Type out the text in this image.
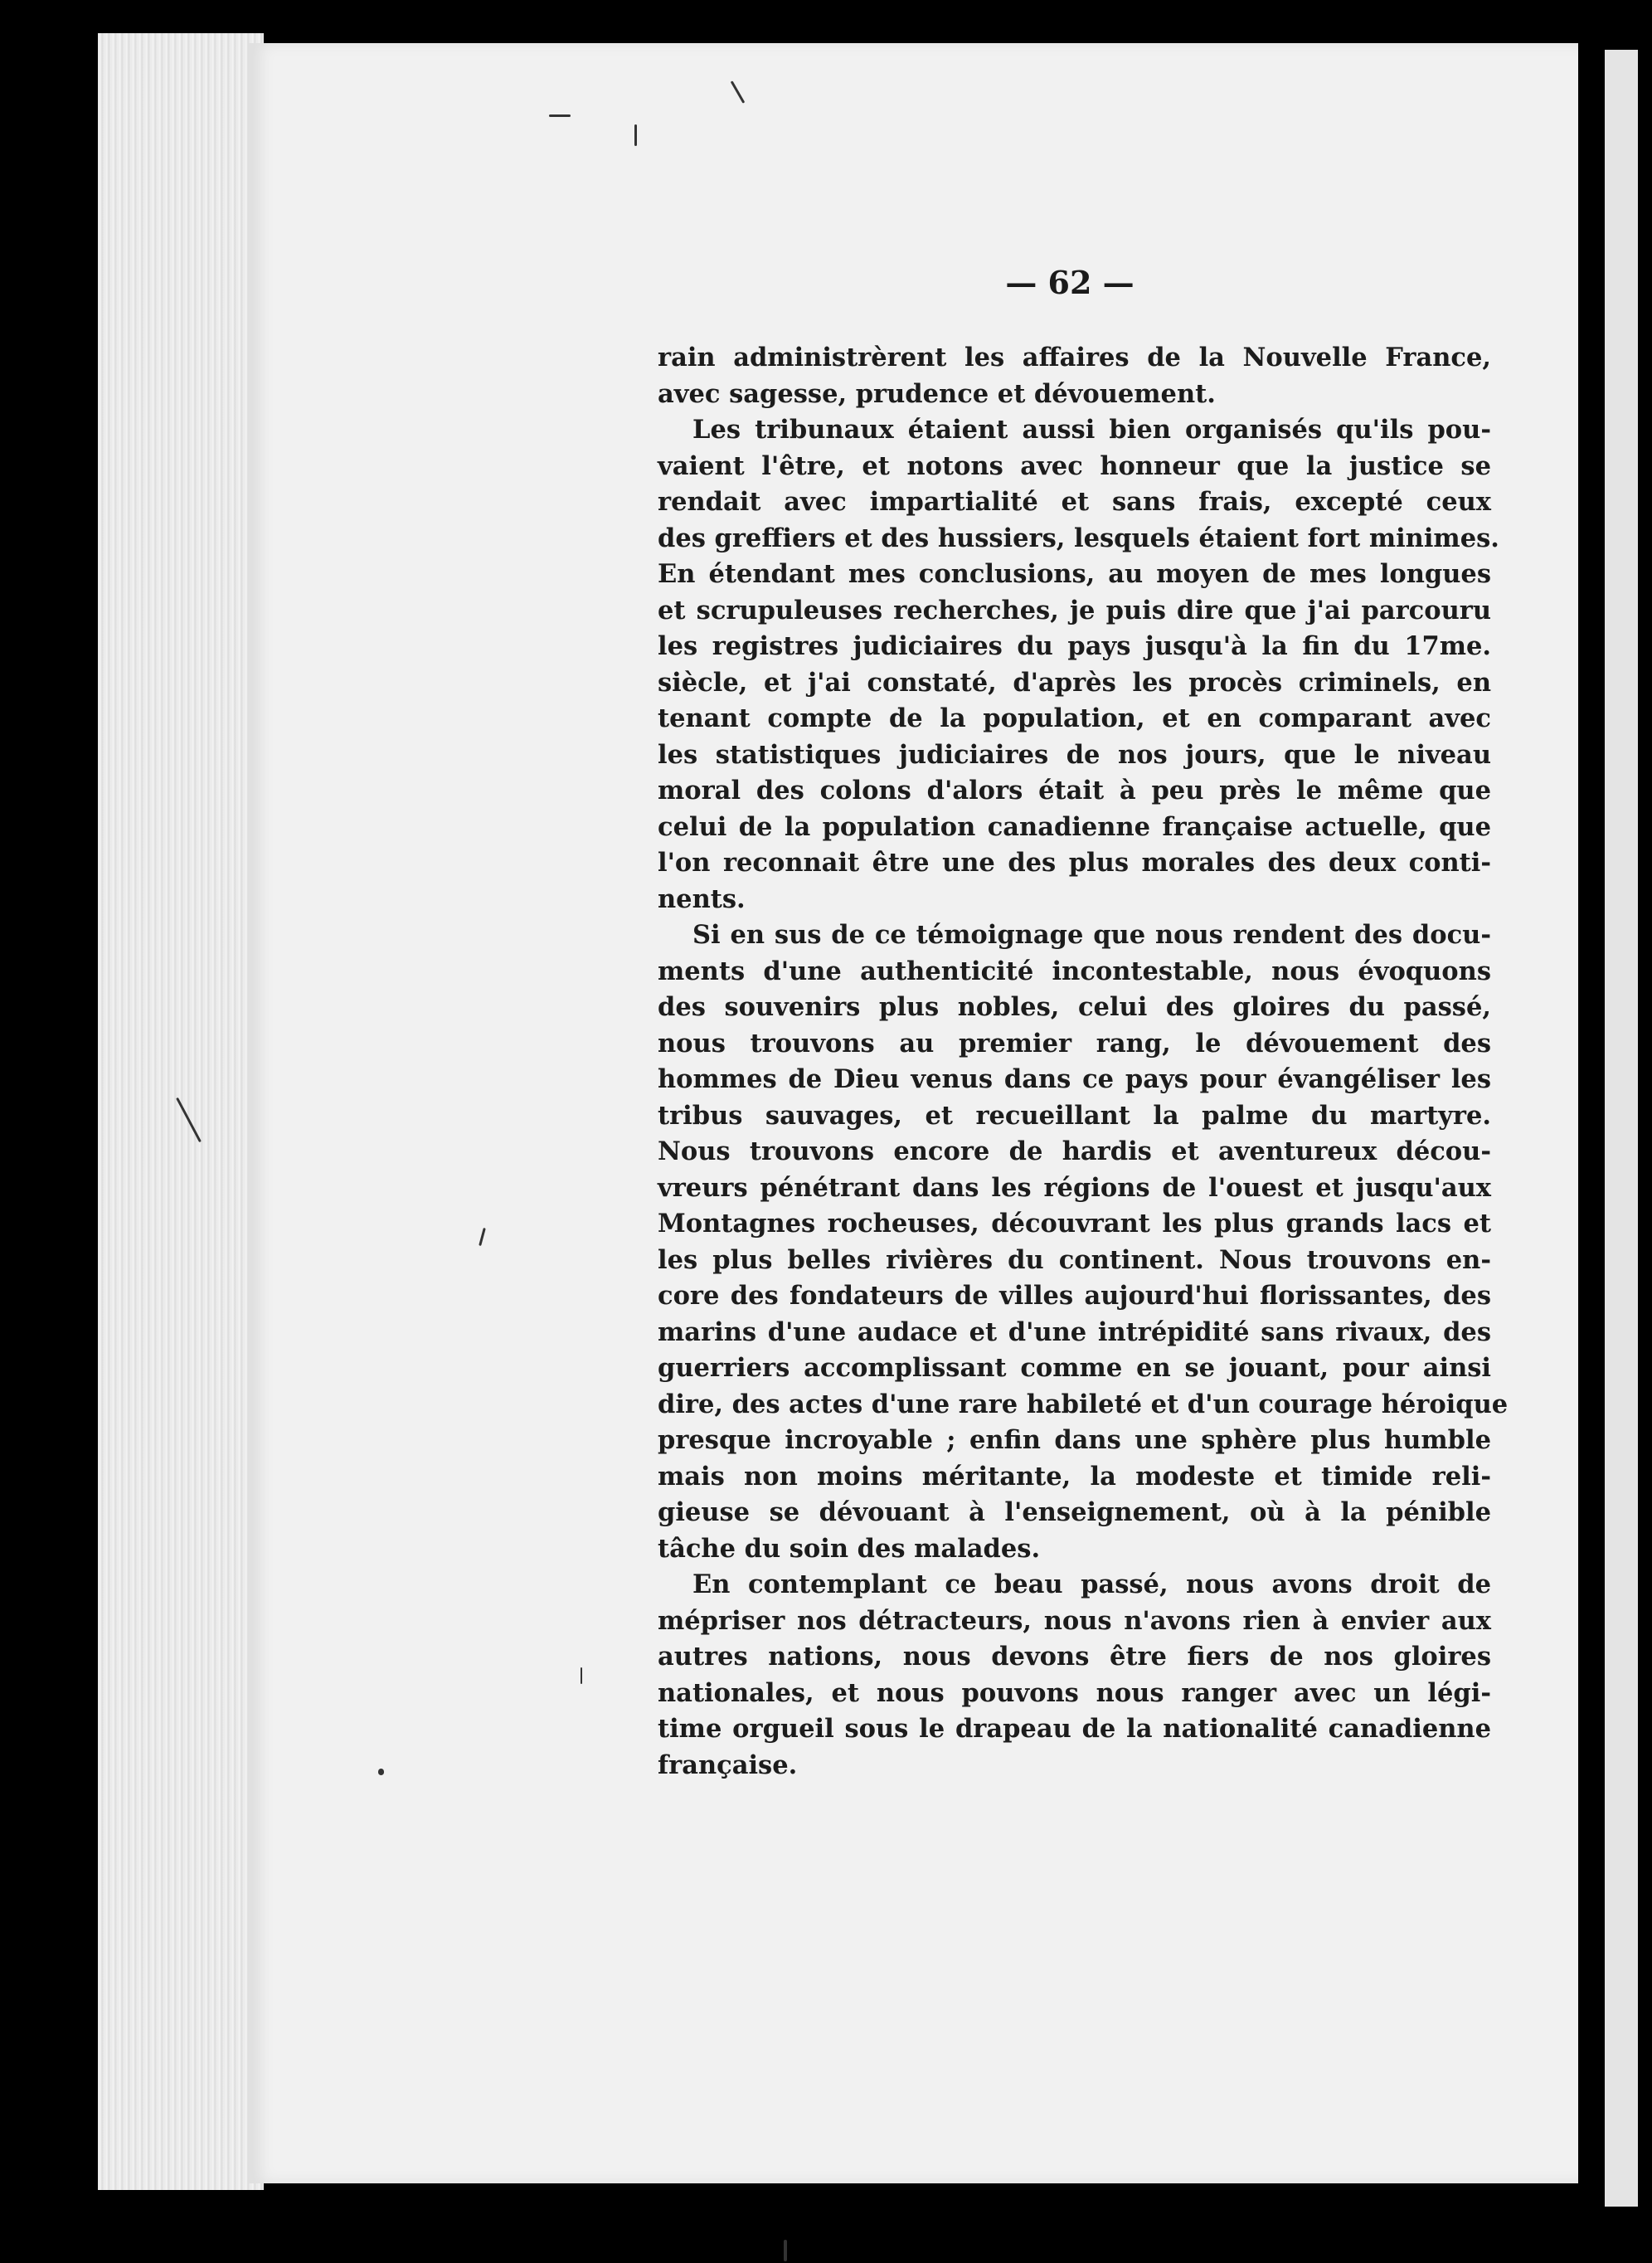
— 62 —
rain administrèrent les affaires de la Nouvelle France,
avec sagesse, prudence et dévouement.
Les tribunaux étaient aussi bien organisés qu'ils pou-
vaient l'être, et notons avec honneur que la justice se
rendait avec impartialité et sans frais, excepté ceux
des greffiers et des hussiers, lesquels étaient fort minimes.
En étendant mes conclusions, au moyen de mes longues
et scrupuleuses recherches, je puis dire que j'ai parcouru
les registres judiciaires du pays jusqu'à la fin du 17me.
siècle, et j'ai constaté, d'après les procès criminels, en
tenant compte de la population, et en comparant avec
les statistiques judiciaires de nos jours, que le niveau
moral des colons d'alors était à peu près le même que
celui de la population canadienne française actuelle, que
l'on reconnait être une des plus morales des deux conti-
nents.
Si en sus de ce témoignage que nous rendent des docu-
ments d'une authenticité incontestable, nous évoquons
des souvenirs plus nobles, celui des gloires du passé,
nous trouvons au premier rang, le dévouement des
hommes de Dieu venus dans ce pays pour évangéliser les
tribus sauvages, et recueillant la palme du martyre.
Nous trouvons encore de hardis et aventureux décou-
vreurs pénétrant dans les régions de l'ouest et jusqu'aux
Montagnes rocheuses, découvrant les plus grands lacs et
les plus belles rivières du continent. Nous trouvons en-
core des fondateurs de villes aujourd'hui florissantes, des
marins d'une audace et d'une intrépidité sans rivaux, des
guerriers accomplissant comme en se jouant, pour ainsi
dire, des actes d'une rare habileté et d'un courage héroique
presque incroyable ; enfin dans une sphère plus humble
mais non moins méritante, la modeste et timide reli-
gieuse se dévouant à l'enseignement, où à la pénible
tâche du soin des malades.
En contemplant ce beau passé, nous avons droit de
mépriser nos détracteurs, nous n'avons rien à envier aux
autres nations, nous devons être fiers de nos gloires
nationales, et nous pouvons nous ranger avec un légi-
time orgueil sous le drapeau de la nationalité canadienne
française.
